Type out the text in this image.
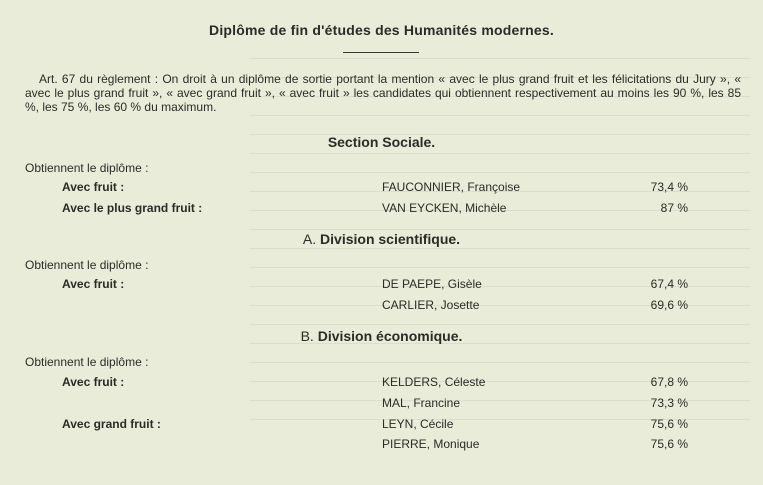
Diplôme de fin d'études des Humanités modernes.
Art. 67 du règlement : On droit à un diplôme de sortie portant la mention « avec le plus grand fruit et les félicitations du Jury », « avec le plus grand fruit », « avec grand fruit », « avec fruit » les candidates qui obtiennent respectivement au moins les 90 %, les 85 %, les 75 %, les 60 % du maximum.
Section Sociale.
Obtiennent le diplôme :
Avec fruit :	FAUCONNIER, Françoise	73,4 %
Avec le plus grand fruit :	VAN EYCKEN, Michèle	87 %
A. Division scientifique.
Obtiennent le diplôme :
Avec fruit :	DE PAEPE, Gisèle	67,4 %
CARLIER, Josette	69,6 %
B. Division économique.
Obtiennent le diplôme :
Avec fruit :	KELDERS, Céleste	67,8 %
MAL, Francine	73,3 %
Avec grand fruit :	LEYN, Cécile	75,6 %
PIERRE, Monique	75,6 %
